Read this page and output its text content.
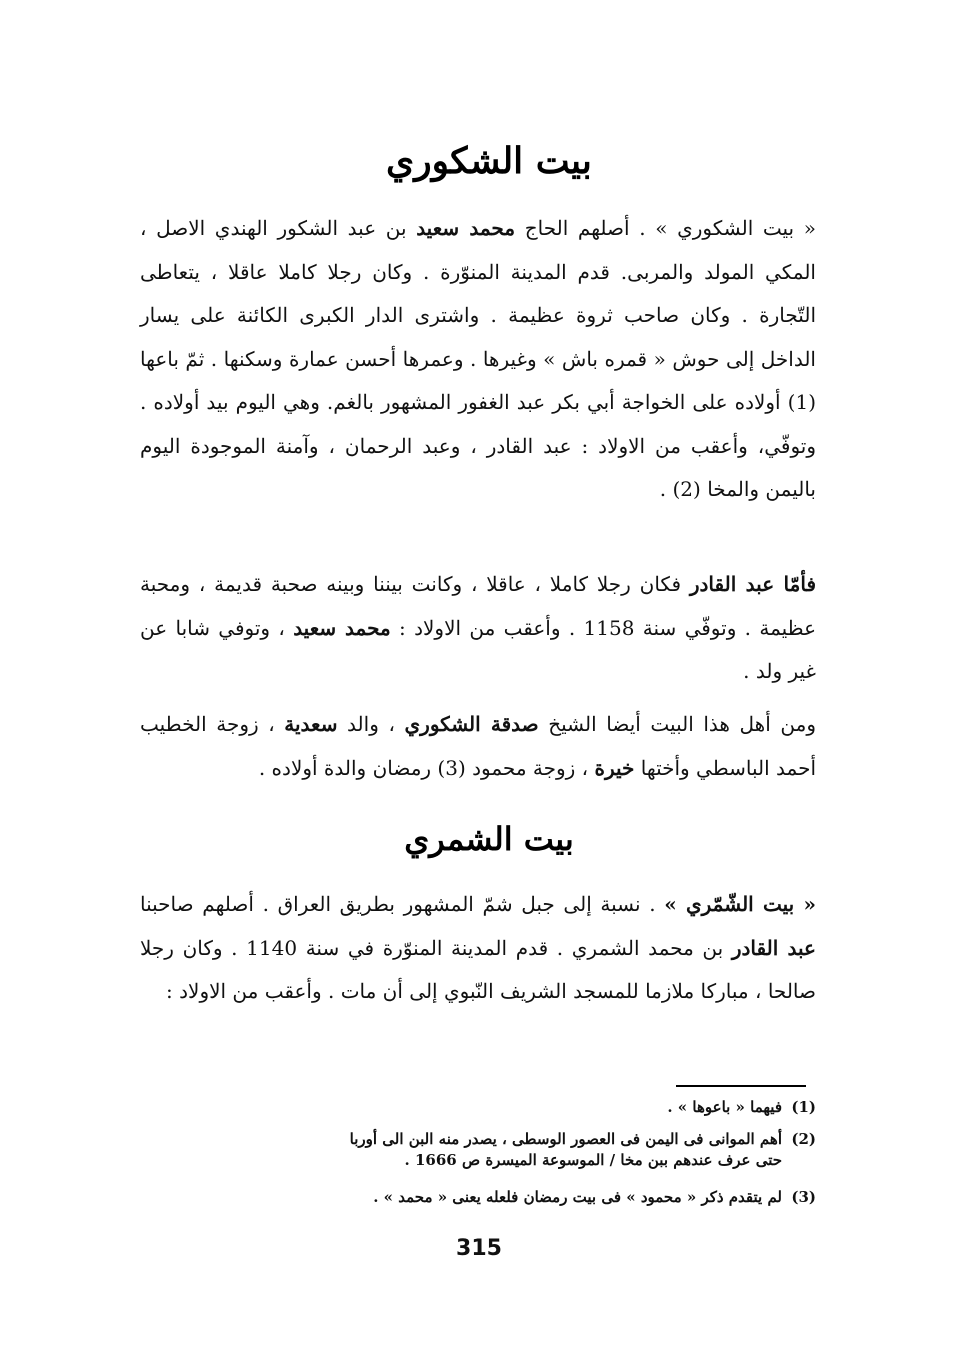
بيت الشكوري

« بيت الشكوري » . أصلهم الحاج محمد سعيد بن عبد الشكور الهندي الاصل ، المكي المولد والمربى. قدم المدينة المنوّرة . وكان رجلا كاملا عاقلا ، يتعاطى التّجارة . وكان صاحب ثروة عظيمة . واشترى الدار الكبرى الكائنة على يسار الداخل إلى حوش « قمره باش » وغيرها . وعمرها أحسن عمارة وسكنها . ثمّ باعها (1) أولاده على الخواجة أبي بكر عبد الغفور المشهور بالغم. وهي اليوم بيد أولاده . وتوفّي، وأعقب من الاولاد : عبد القادر ، وعبد الرحمان ، وآمنة الموجودة اليوم باليمن والمخا (2) .

فأمّا عبد القادر فكان رجلا كاملا ، عاقلا ، وكانت بيننا وبينه صحبة قديمة ، ومحبة عظيمة . وتوفّي سنة 1158 . وأعقب من الاولاد : محمد سعيد ، وتوفي شابا عن غير ولد .

ومن أهل هذا البيت أيضا الشيخ صدقة الشكوري ، والد سعدية ، زوجة الخطيب أحمد الباسطي وأختها خيرة ، زوجة محمود (3) رمضان والدة أولاده .

بيت الشمري

« بيت الشّمّري » . نسبة إلى جبل شمّ المشهور بطريق العراق . أصلهم صاحبنا عبد القادر بن محمد الشمري . قدم المدينة المنوّرة في سنة 1140 . وكان رجلا صالحا ، مباركا ملازما للمسجد الشريف النّبوي إلى أن مات . وأعقب من الاولاد :

(1)فيهما « باعوها » .

(2)أهم الموانى فى اليمن فى العصور الوسطى ، يصدر منه البن الى أوربا
حتى عرف عندهم ببن مخا / الموسوعة الميسرة ص 1666 .

(3)لم يتقدم ذكر « محمود » فى بيت رمضان فلعله يعنى « محمد » .

315
